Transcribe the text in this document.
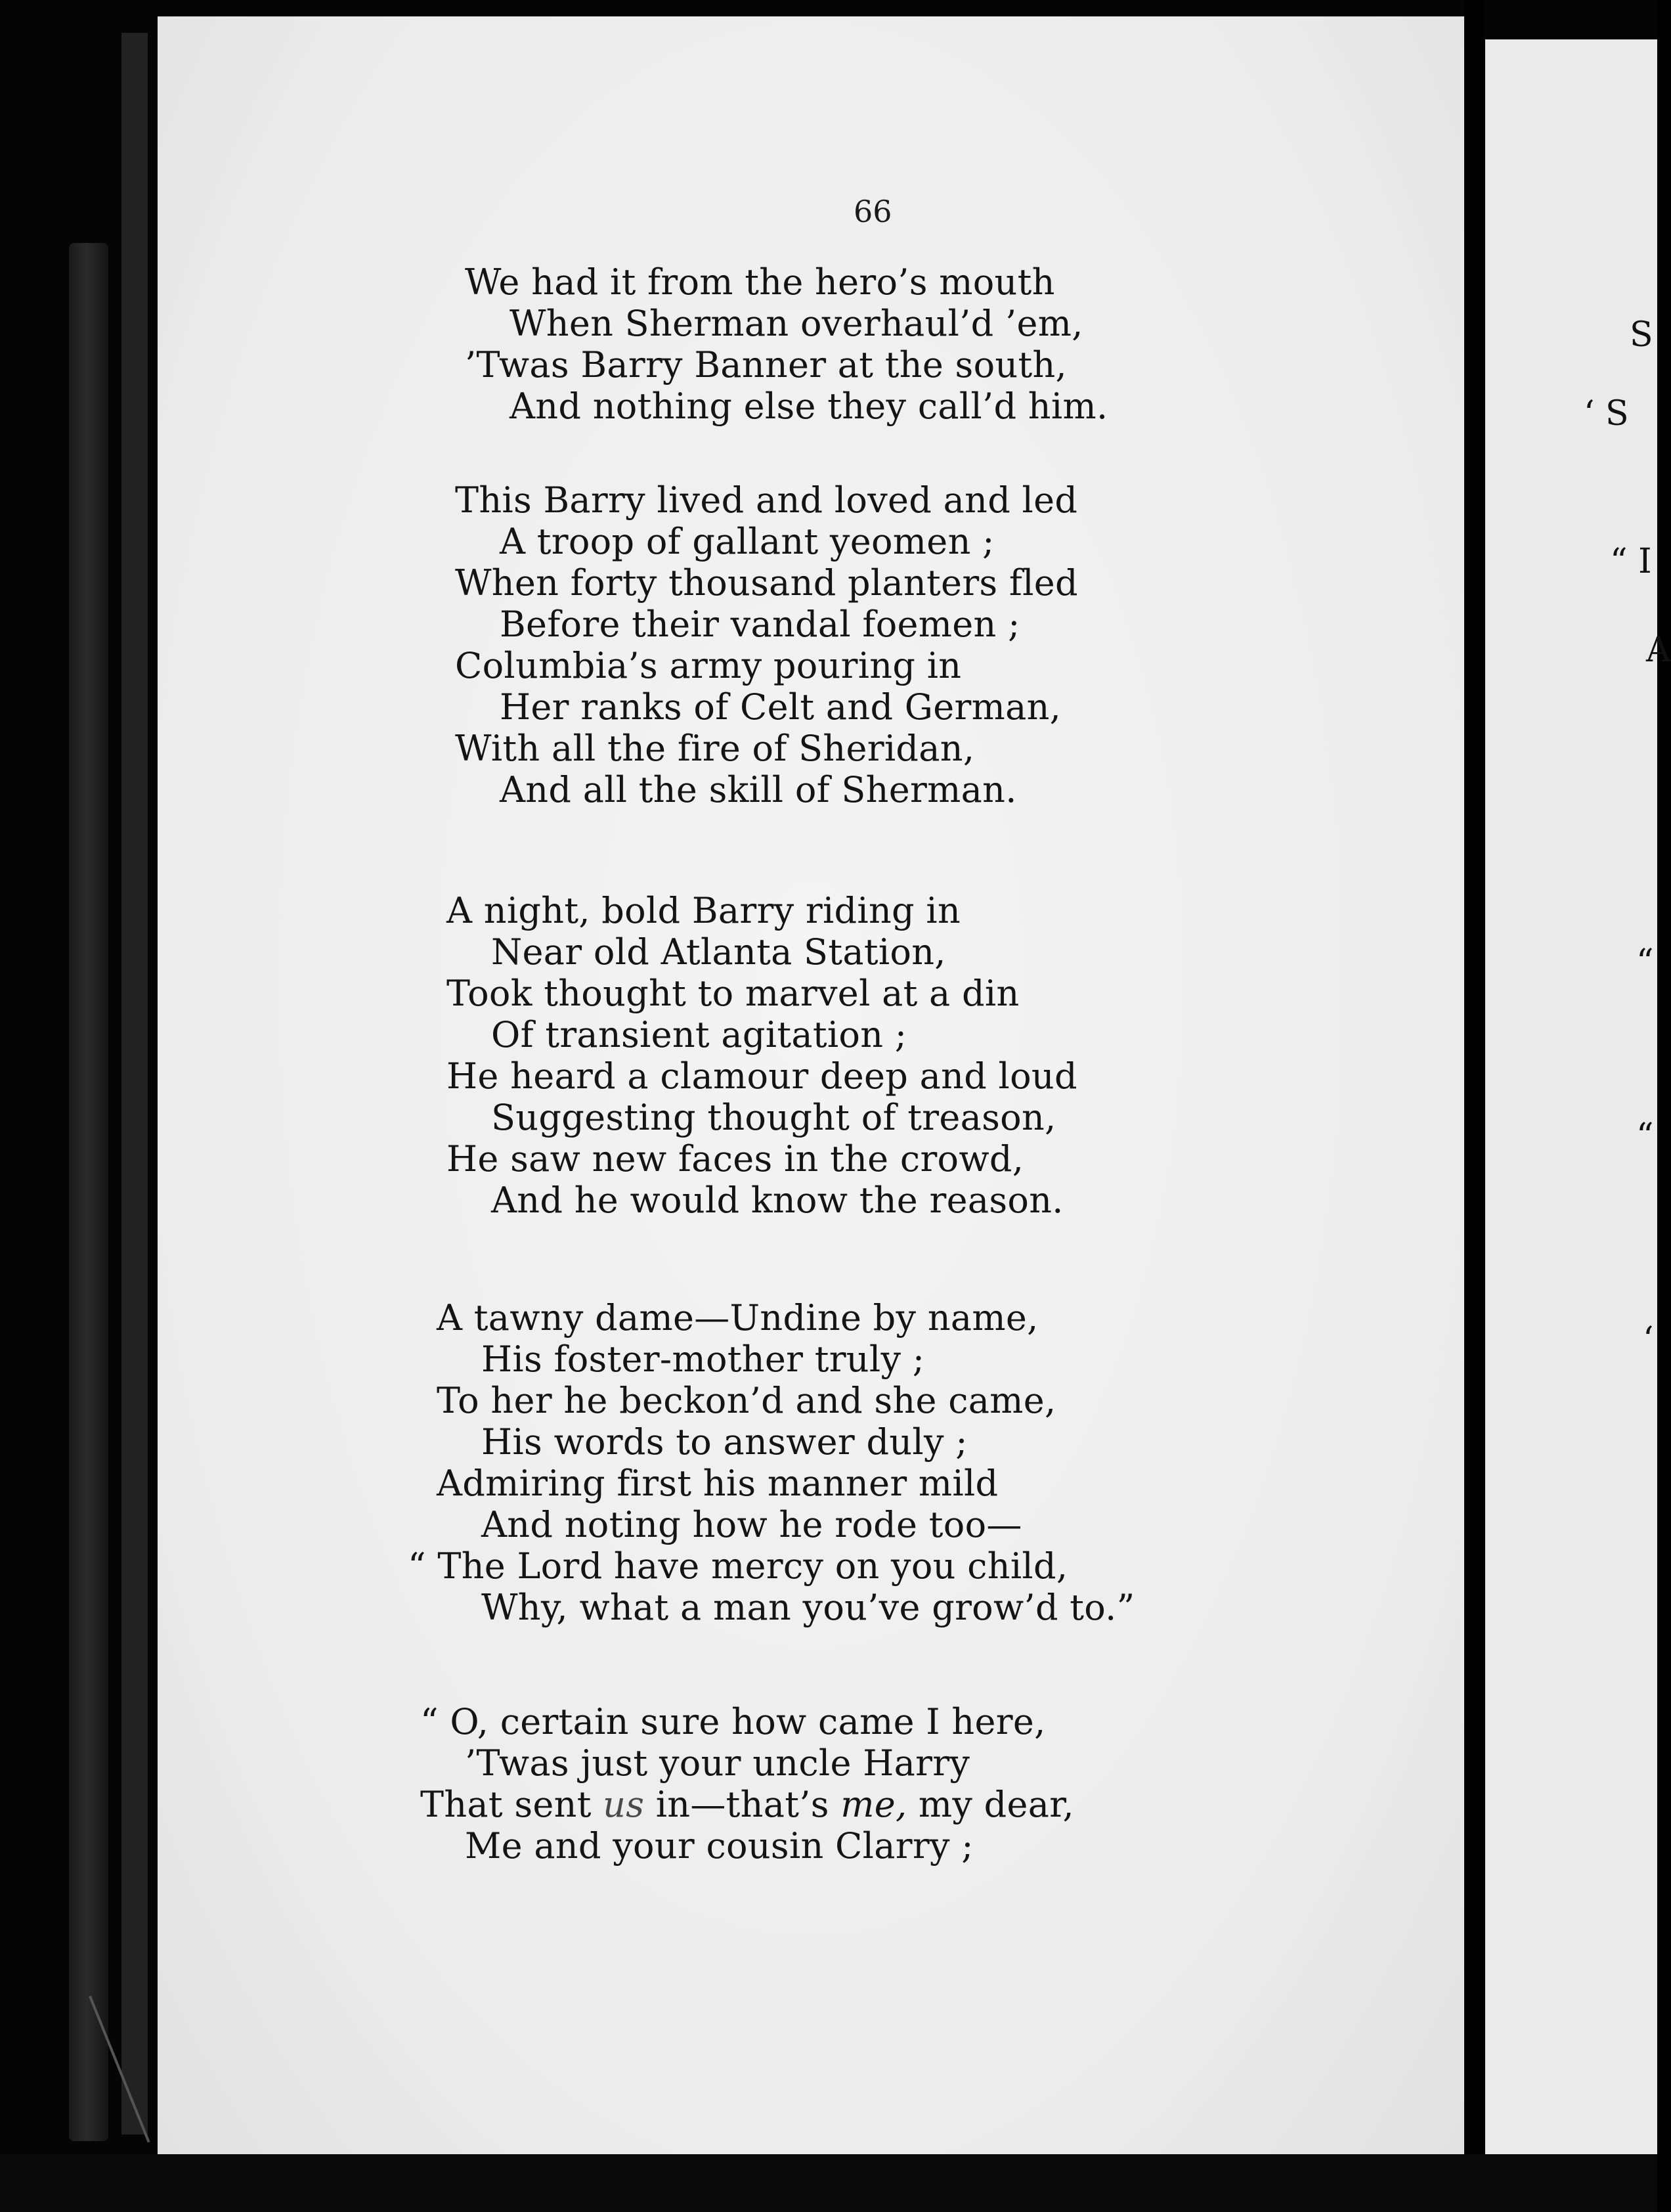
66
We had it from the hero’s mouth
When Sherman overhaul’d ’em,
’Twas Barry Banner at the south,
And nothing else they call’d him.
This Barry lived and loved and led
A troop of gallant yeomen ;
When forty thousand planters fled
Before their vandal foemen ;
Columbia’s army pouring in
Her ranks of Celt and German,
With all the fire of Sheridan,
And all the skill of Sherman.
A night, bold Barry riding in
Near old Atlanta Station,
Took thought to marvel at a din
Of transient agitation ;
He heard a clamour deep and loud
Suggesting thought of treason,
He saw new faces in the crowd,
And he would know the reason.
A tawny dame—Undine by name,
His foster-mother truly ;
To her he beckon’d and she came,
His words to answer duly ;
Admiring first his manner mild
And noting how he rode too—
“ The Lord have mercy on you child,
Why, what a man you’ve grow’d to.”
“ O, certain sure how came I here,
’Twas just your uncle Harry
That sent us in—that’s me, my dear,
Me and your cousin Clarry ;
S
‘ S
“ I
A
“
“
‘
